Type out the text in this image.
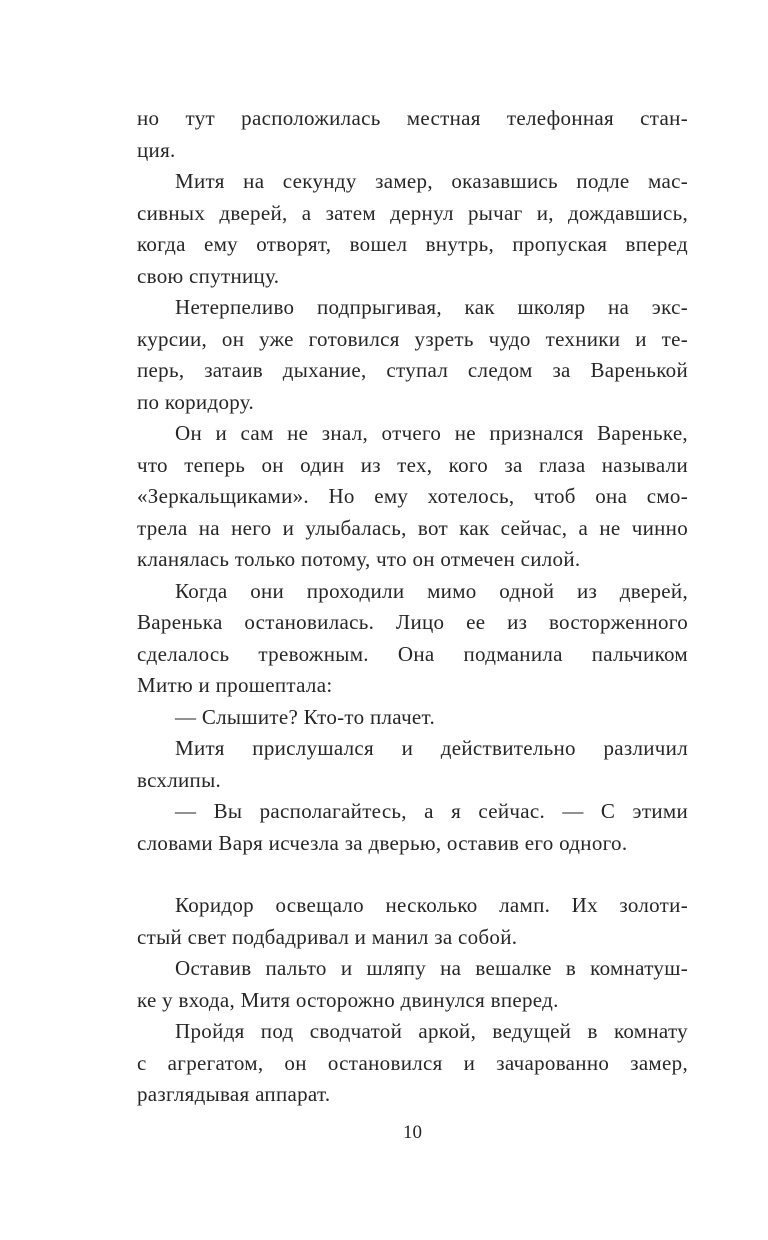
но тут расположилась местная телефонная стан-
ция.
Митя на секунду замер, оказавшись подле мас-
сивных дверей, а затем дернул рычаг и, дождавшись,
когда ему отворят, вошел внутрь, пропуская вперед
свою спутницу.
Нетерпеливо подпрыгивая, как школяр на экс-
курсии, он уже готовился узреть чудо техники и те-
перь, затаив дыхание, ступал следом за Варенькой
по коридору.
Он и сам не знал, отчего не признался Вареньке,
что теперь он один из тех, кого за глаза называли
«Зеркальщиками». Но ему хотелось, чтоб она смо-
трела на него и улыбалась, вот как сейчас, а не чинно
кланялась только потому, что он отмечен силой.
Когда они проходили мимо одной из дверей,
Варенька остановилась. Лицо ее из восторженного
сделалось тревожным. Она подманила пальчиком
Митю и прошептала:
— Слышите? Кто-то плачет.
Митя прислушался и действительно различил
всхлипы.
— Вы располагайтесь, а я сейчас. — С этими
словами Варя исчезла за дверью, оставив его одного.
Коридор освещало несколько ламп. Их золоти-
стый свет подбадривал и манил за собой.
Оставив пальто и шляпу на вешалке в комнатуш-
ке у входа, Митя осторожно двинулся вперед.
Пройдя под сводчатой аркой, ведущей в комнату
с агрегатом, он остановился и зачарованно замер,
разглядывая аппарат.
10
